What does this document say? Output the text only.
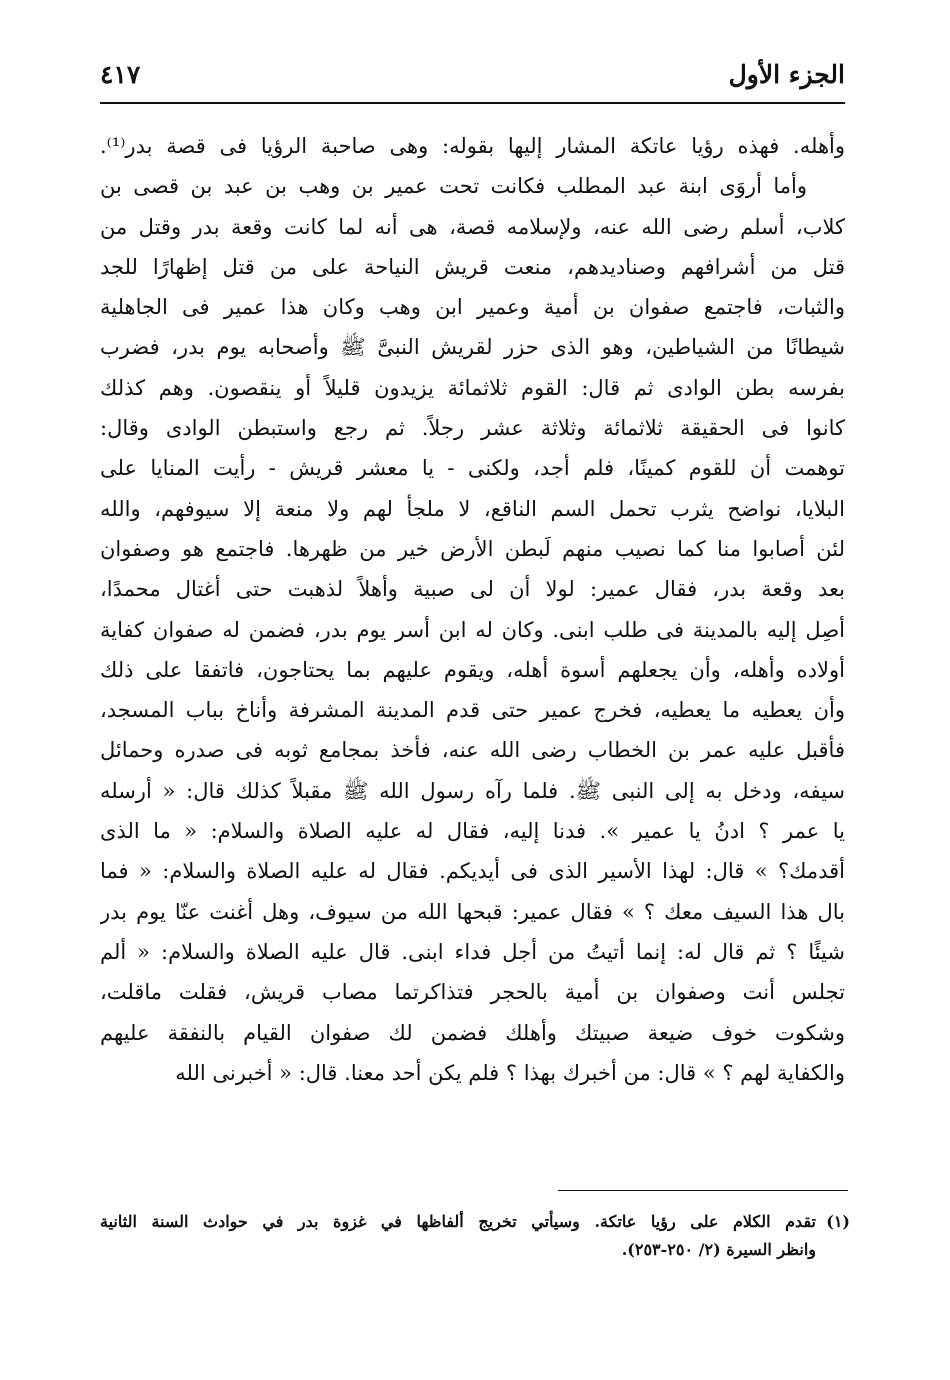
الجزء الأول
٤١٧
وأهله. فهذه رؤيا عاتكة المشار إليها بقوله: وهى صاحبة الرؤيا فى قصة بدر⁽¹⁾.
وأما أروَى ابنة عبد المطلب فكانت تحت عمير بن وهب بن عبد بن قصى بن
كلاب، أسلم رضى الله عنه، ولإسلامه قصة، هى أنه لما كانت وقعة بدر وقتل من
قتل من أشرافهم وصناديدهم، منعت قريش النياحة على من قتل إظهارًا للجد
والثبات، فاجتمع صفوان بن أمية وعمير ابن وهب وكان هذا عمير فى الجاهلية
شيطانًا من الشياطين، وهو الذى حزر لقريش النبىَّ ﷺ وأصحابه يوم بدر، فضرب
بفرسه بطن الوادى ثم قال: القوم ثلاثمائة يزيدون قليلاً أو ينقصون. وهم كذلك
كانوا فى الحقيقة ثلاثمائة وثلاثة عشر رجلاً. ثم رجع واستبطن الوادى وقال:
توهمت أن للقوم كمينًا، فلم أجد، ولكنى - يا معشر قريش - رأيت المنايا على
البلايا، نواضح يثرب تحمل السم الناقع، لا ملجأ لهم ولا منعة إلا سيوفهم، والله
لئن أصابوا منا كما نصيب منهم لَبطن الأرض خير من ظهرها. فاجتمع هو وصفوان
بعد وقعة بدر، فقال عمير: لولا أن لى صبية وأهلاً لذهبت حتى أغتال محمدًا،
أصِل إليه بالمدينة فى طلب ابنى. وكان له ابن أسر يوم بدر، فضمن له صفوان كفاية
أولاده وأهله، وأن يجعلهم أسوة أهله، ويقوم عليهم بما يحتاجون، فاتفقا على ذلك
وأن يعطيه ما يعطيه، فخرج عمير حتى قدم المدينة المشرفة وأناخ بباب المسجد،
فأقبل عليه عمر بن الخطاب رضى الله عنه، فأخذ بمجامع ثوبه فى صدره وحمائل
سيفه، ودخل به إلى النبى ﷺ. فلما رآه رسول الله ﷺ مقبلاً كذلك قال: « أرسله
يا عمر ؟ ادنُ يا عمير ». فدنا إليه، فقال له عليه الصلاة والسلام: « ما الذى
أقدمك؟ » قال: لهذا الأسير الذى فى أيديكم. فقال له عليه الصلاة والسلام: « فما
بال هذا السيف معك ؟ » فقال عمير: قبحها الله من سيوف، وهل أغنت عنّا يوم بدر
شيئًا ؟ ثم قال له: إنما أتيتُ من أجل فداء ابنى. قال عليه الصلاة والسلام: « ألم
تجلس أنت وصفوان بن أمية بالحجر فتذاكرتما مصاب قريش، فقلت ماقلت،
وشكوت خوف ضيعة صبيتك وأهلك فضمن لك صفوان القيام بالنفقة عليهم
والكفاية لهم ؟ » قال: من أخبرك بهذا ؟ فلم يكن أحد معنا. قال: « أخبرنى الله
(١)تقدم الكلام على رؤيا عاتكة. وسيأتي تخريج ألفاظها في غزوة بدر في حوادث السنة الثانية
وانظر السيرة (٢/ ٢٥٠-٢٥٣).
